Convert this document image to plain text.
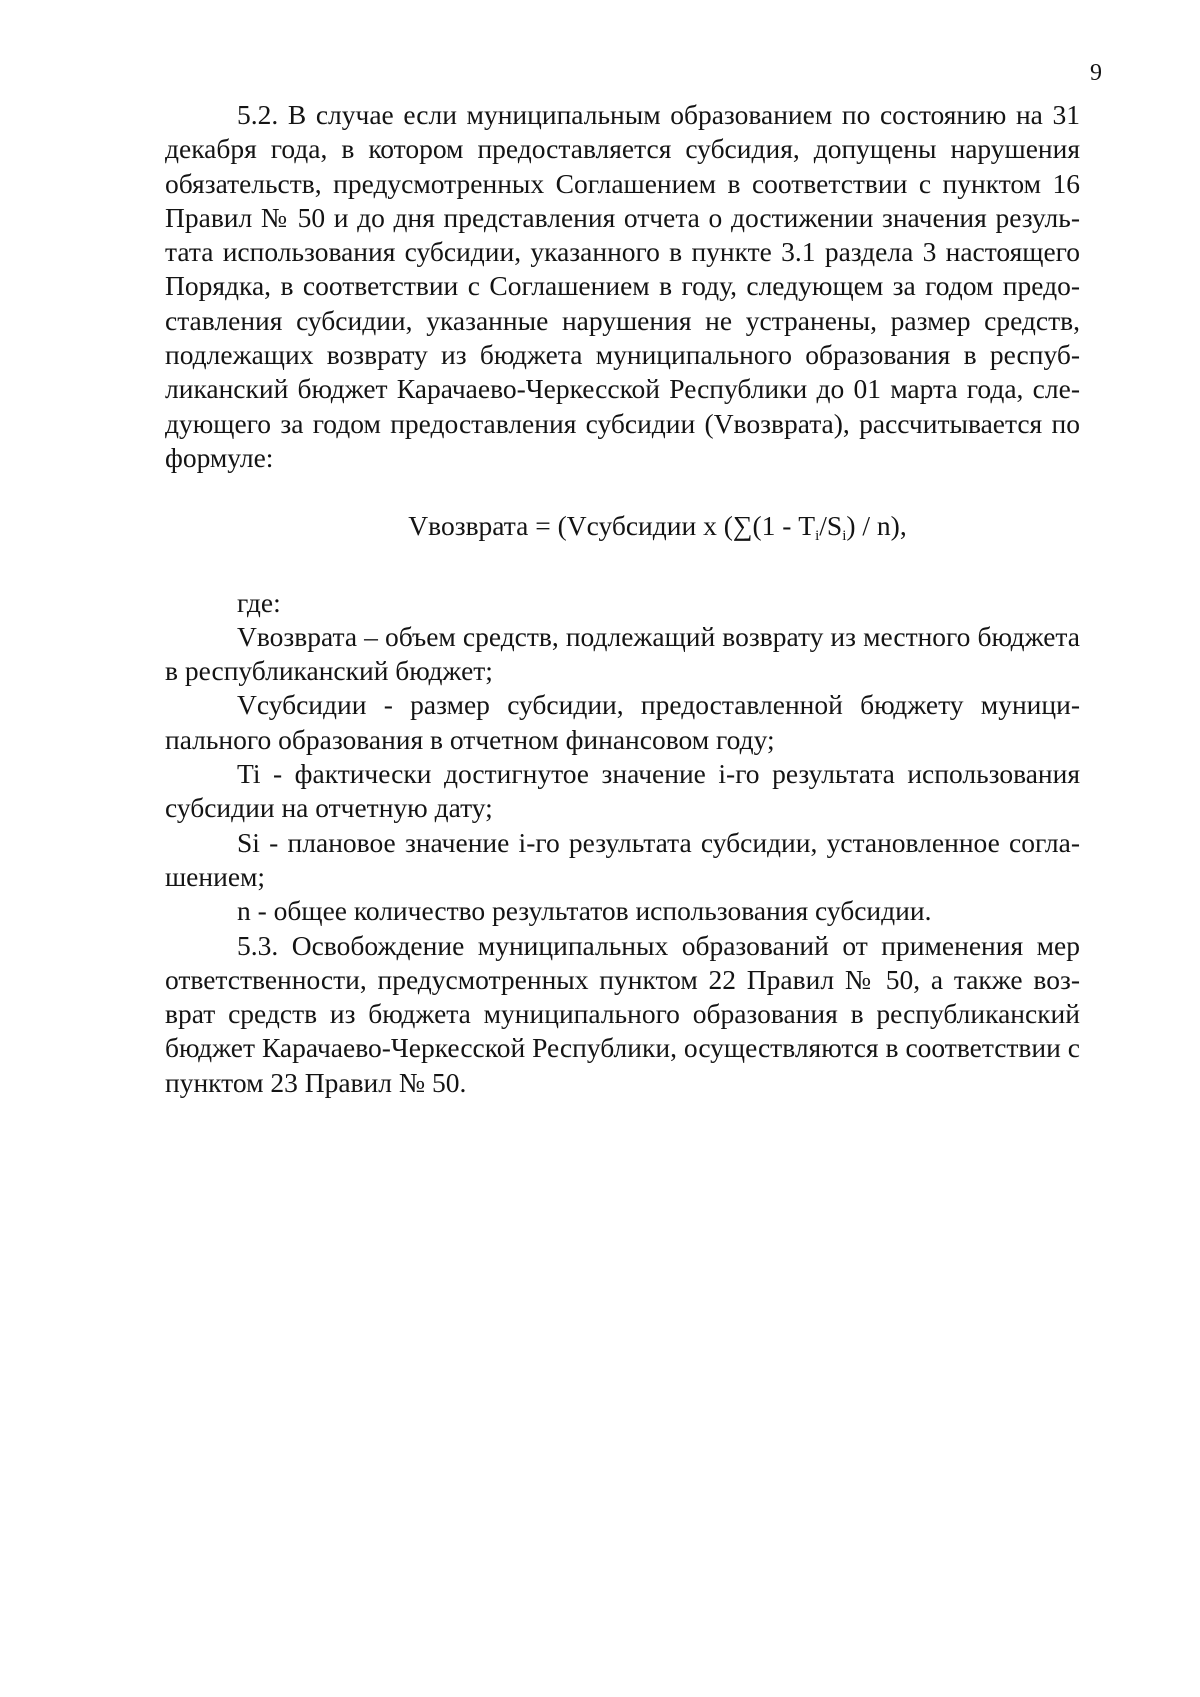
9

5.2. В случае если муниципальным образованием по состоянию на 31 декабря года, в котором предоставляется субсидия, допущены нарушения обязательств, предусмотренных Соглашением в соответствии с пунктом 16 Правил № 50 и до дня представления отчета о достижении значения результата использования субсидии, указанного в пункте 3.1 раздела 3 настоящего Порядка, в соответствии с Соглашением в году, следующем за годом предоставления субсидии, указанные нарушения не устранены, размер средств, подлежащих возврату из бюджета муниципального образования в республиканский бюджет Карачаево-Черкесской Республики до 01 марта года, следующего за годом предоставления субсидии (Vвозврата), рассчитывается по формуле:

Vвозврата = (Vсубсидии х $(\sum(1 - T_i/S_i) / n)$,

где:

Vвозврата – объем средств, подлежащий возврату из местного бюджета в республиканский бюджет;

Vсубсидии - размер субсидии, предоставленной бюджету муниципального образования в отчетном финансовом году;

Ti - фактически достигнутое значение i-го результата использования субсидии на отчетную дату;

Si - плановое значение i-го результата субсидии, установленное соглашением;

n - общее количество результатов использования субсидии.

5.3. Освобождение муниципальных образований от применения мер ответственности, предусмотренных пунктом 22 Правил № 50, а также возврат средств из бюджета муниципального образования в республиканский бюджет Карачаево-Черкесской Республики, осуществляются в соответствии с пунктом 23 Правил № 50.
